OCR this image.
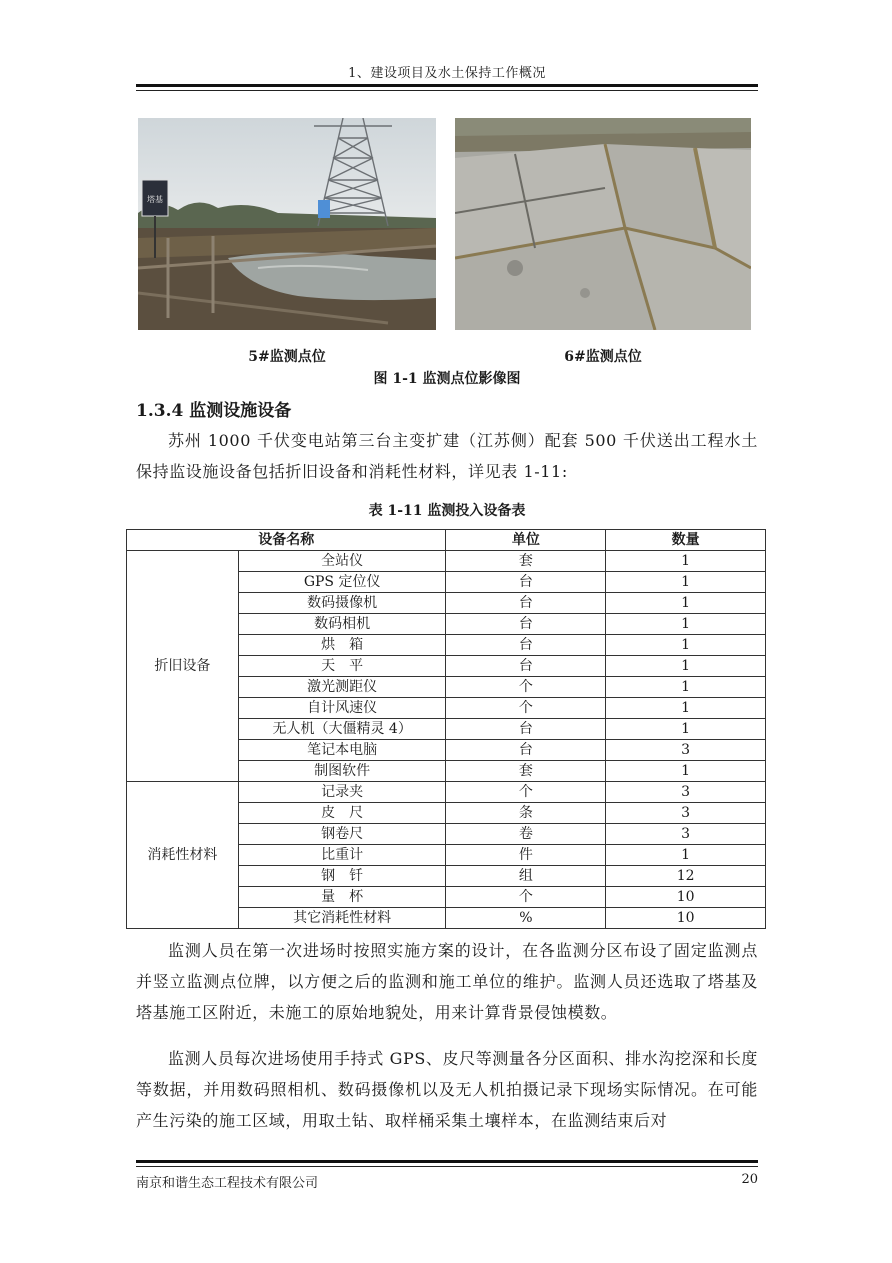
1、建设项目及水土保持工作概况
塔基
5#监测点位	6#监测点位
图 1-1 监测点位影像图
1.3.4 监测设施设备
苏州 1000 千伏变电站第三台主变扩建（江苏侧）配套 500 千伏送出工程水土保持监设施设备包括折旧设备和消耗性材料，详见表 1-11:
表 1-11 监测投入设备表
设备名称		单位	数量
折旧设备	全站仪	套	1
	GPS 定位仪	台	1
	数码摄像机	台	1
	数码相机	台	1
	烘　箱	台	1
	天　平	台	1
	激光测距仪	个	1
	自计风速仪	个	1
	无人机（大僵精灵 4）	台	1
	笔记本电脑	台	3
	制图软件	套	1
消耗性材料	记录夹	个	3
	皮　尺	条	3
	钢卷尺	卷	3
	比重计	件	1
	钢　钎	组	12
	量　杯	个	10
	其它消耗性材料	%	10
监测人员在第一次进场时按照实施方案的设计，在各监测分区布设了固定监测点并竖立监测点位牌，以方便之后的监测和施工单位的维护。监测人员还选取了塔基及塔基施工区附近，未施工的原始地貌处，用来计算背景侵蚀模数。
监测人员每次进场使用手持式 GPS、皮尺等测量各分区面积、排水沟挖深和长度等数据，并用数码照相机、数码摄像机以及无人机拍摄记录下现场实际情况。在可能产生污染的施工区域，用取土钻、取样桶采集土壤样本，在监测结束后对
南京和谐生态工程技术有限公司	20
